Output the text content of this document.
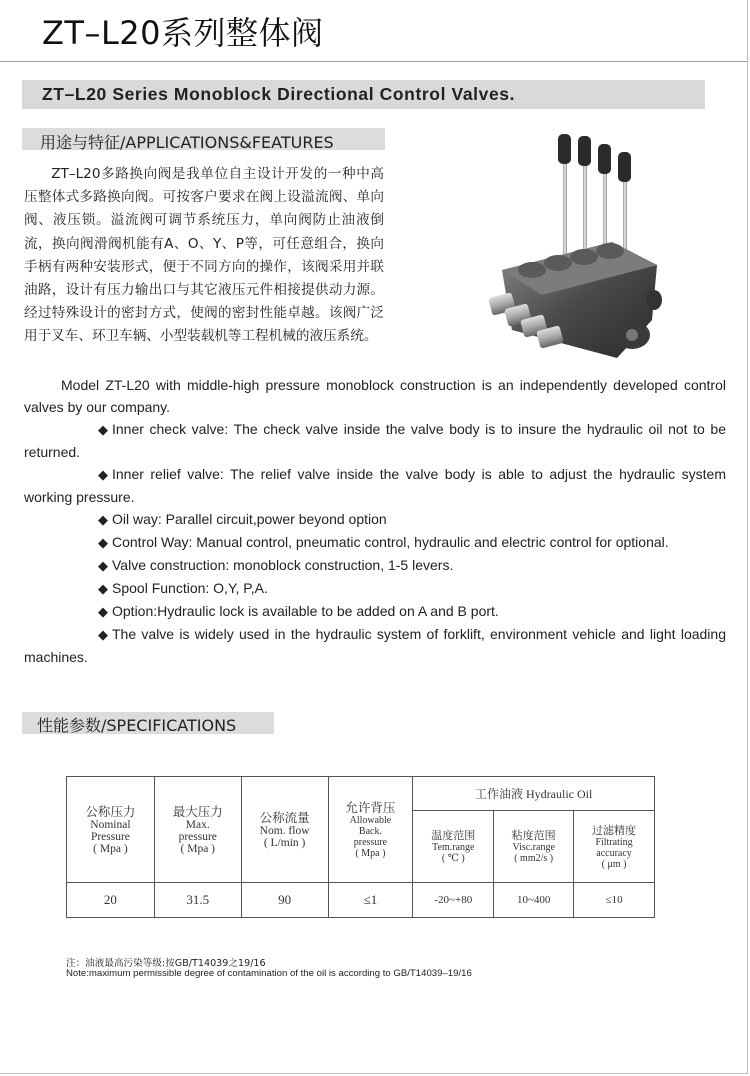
ZT–L20系列整体阀
ZT–L20 Series Monoblock Directional Control Valves.
用途与特征/APPLICATIONS&FEATURES
ZT–L20多路换向阀是我单位自主设计开发的一种中高压整体式多路换向阀。可按客户要求在阀上设溢流阀、单向阀、液压锁。溢流阀可调节系统压力，单向阀防止油液倒流，换向阀滑阀机能有A、O、Y、P等，可任意组合，换向手柄有两种安装形式，便于不同方向的操作，该阀采用并联油路，设计有压力输出口与其它液压元件相接提供动力源。经过特殊设计的密封方式，使阀的密封性能卓越。该阀广泛用于叉车、环卫车辆、小型装载机等工程机械的液压系统。

Model ZT-L20 with middle-high pressure monoblock construction is an independently developed control valves by our company.

◆ Inner check valve: The check valve inside the valve body is to insure the hydraulic oil not to be returned.

◆ Inner relief valve: The relief valve inside the valve body is able to adjust the hydraulic system working pressure.

◆ Oil way: Parallel circuit,power beyond option

◆ Control Way: Manual control, pneumatic control, hydraulic and electric control for optional.

◆ Valve construction: monoblock construction, 1-5 levers.

◆ Spool Function: O,Y, P,A.

◆ Option:Hydraulic lock is available to be added on A and B port.

◆ The valve is widely used in the hydraulic system of forklift, environment vehicle and light loading machines.

性能参数/SPECIFICATIONS
公称压力
Nominal
Pressure
( Mpa )	最大压力
Max.
pressure
( Mpa )	公称流量
Nom. flow
( L/min )	允许背压
Allowable
Back.
pressure
( Mpa )	工作油液 Hydraulic Oil		

				温度范围
Tem.range
( ℃ )	粘度范围
Visc.range
( mm2/s )	过滤精度
Filtrating
accuracy
( μm )

20	31.5	90	≤1	-20~+80	10~400	≤10
注：油液最高污染等级:按GB/T14039之19/16
Note:maximum permissible degree of contamination of the oil is according to GB/T14039–19/16
